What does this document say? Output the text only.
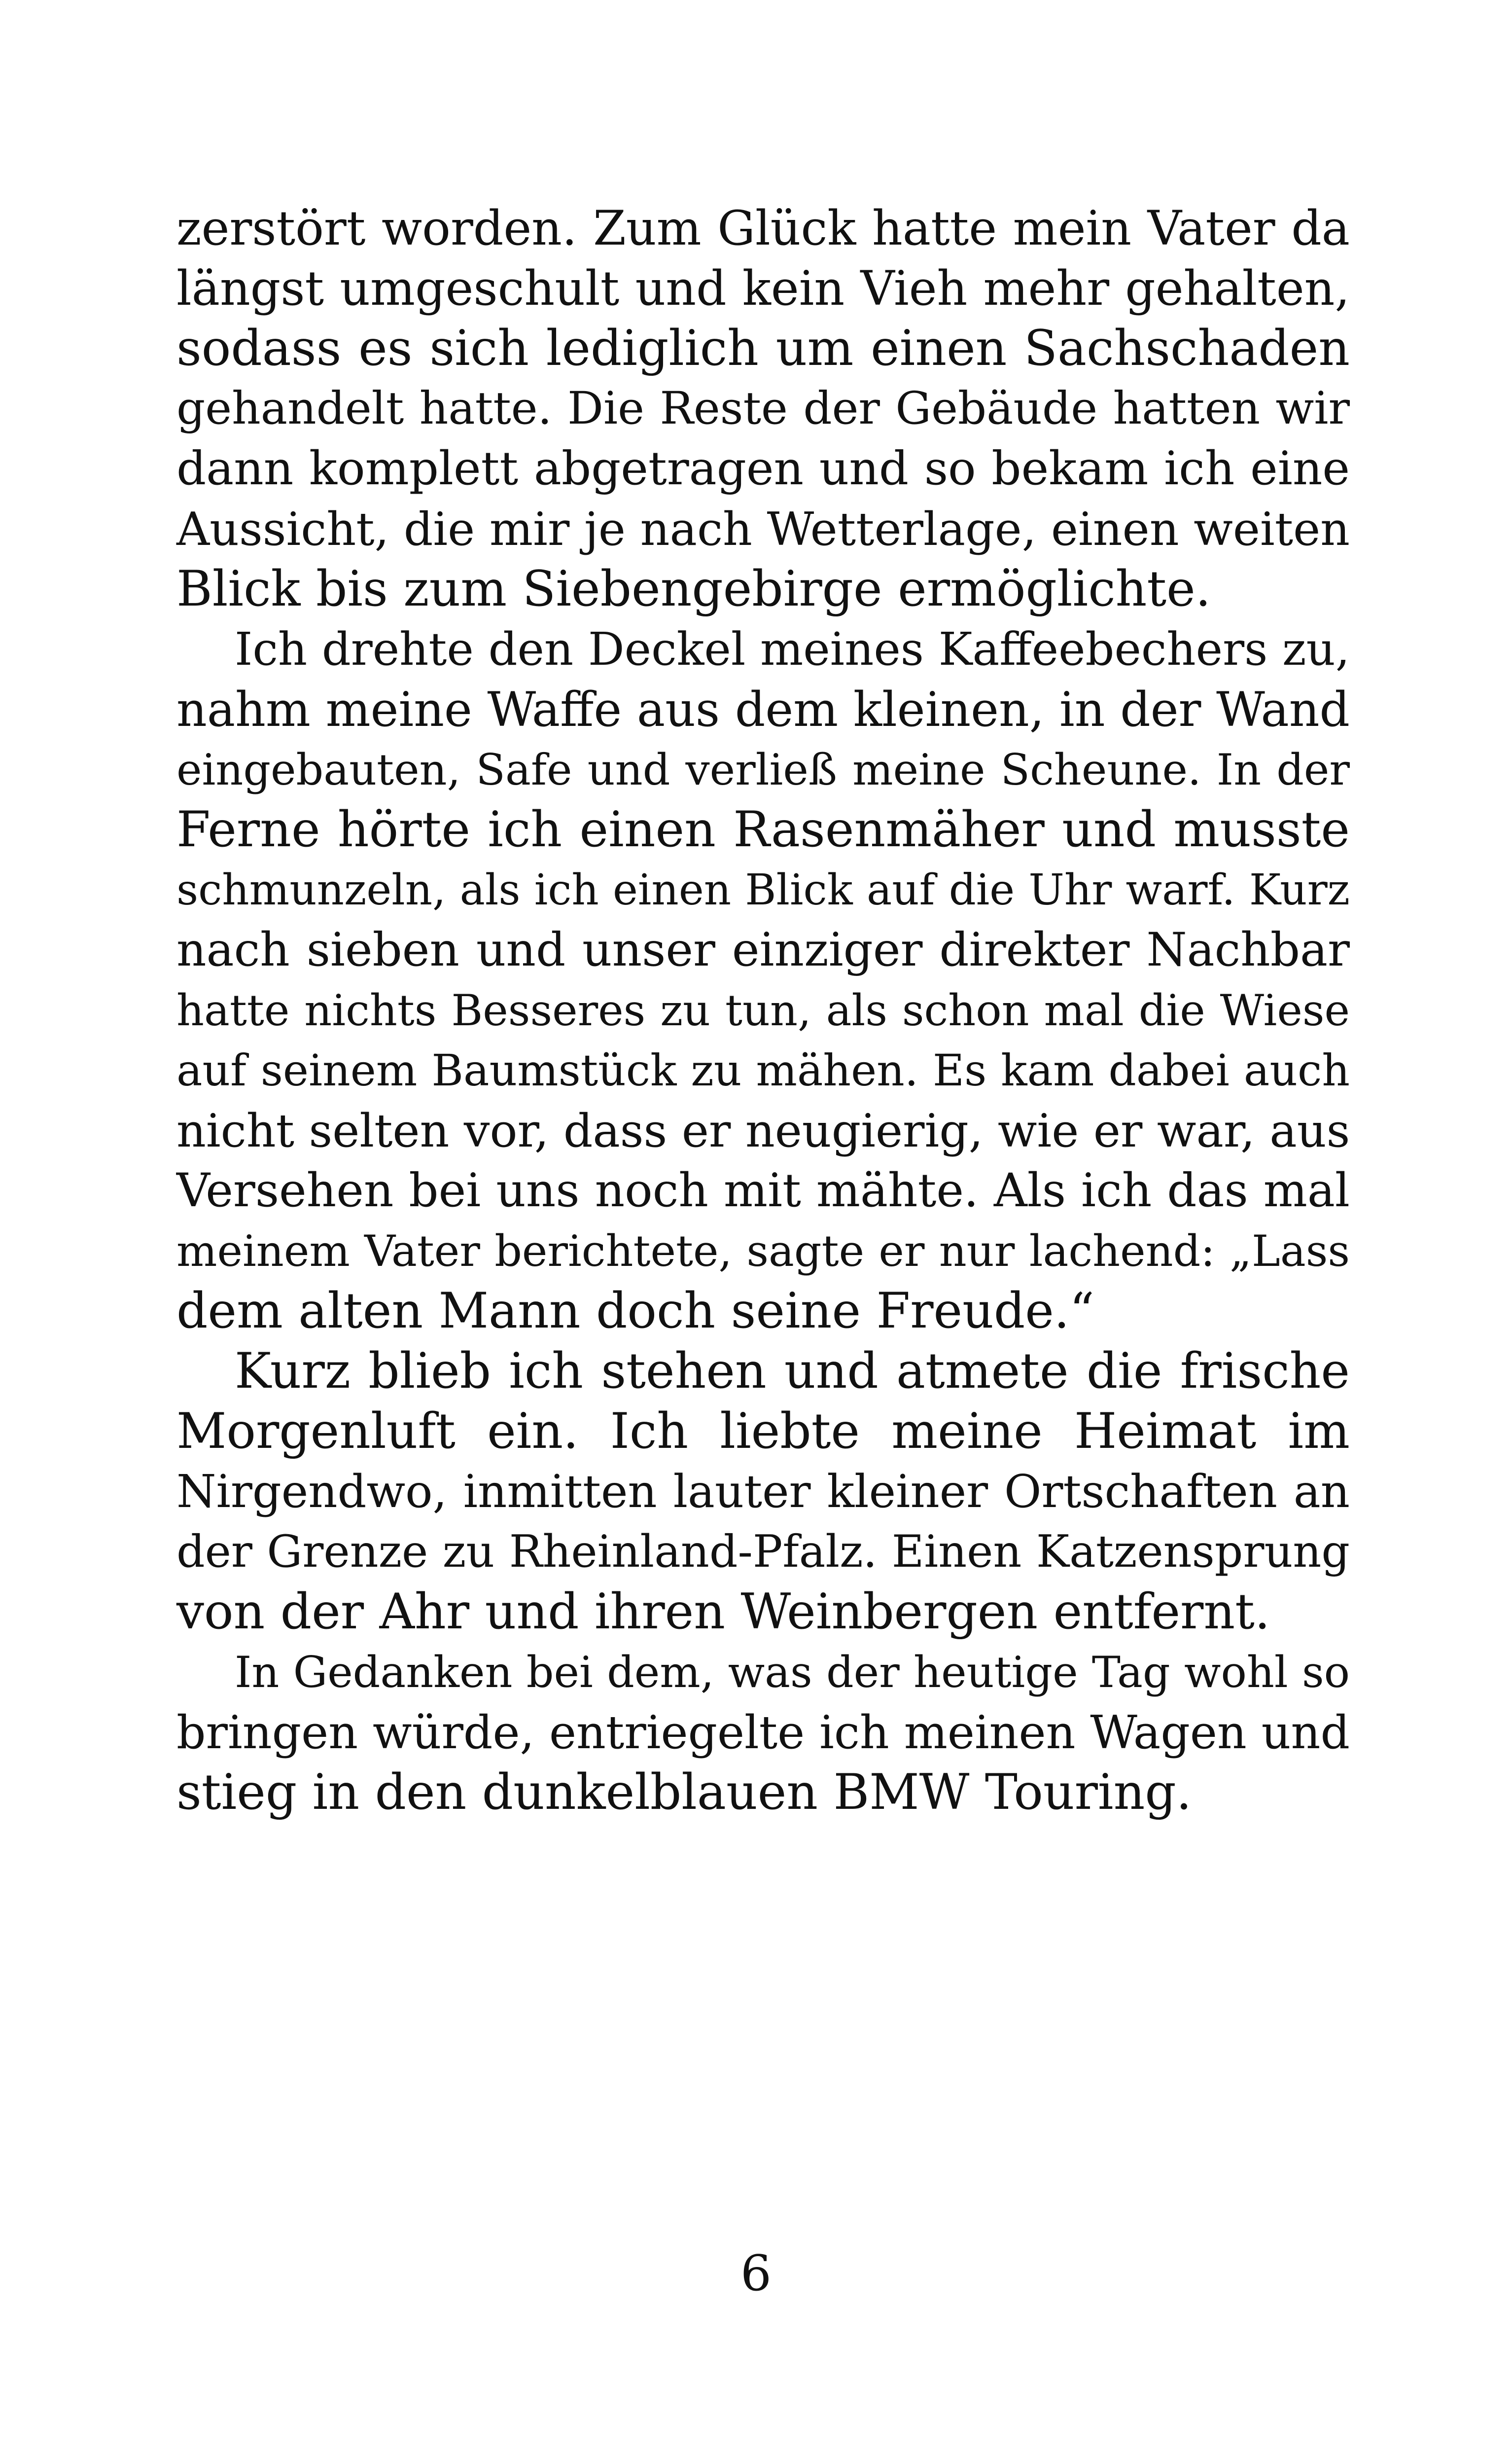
zerstört worden. Zum Glück hatte mein Vater da
längst umgeschult und kein Vieh mehr gehalten,
sodass es sich lediglich um einen Sachschaden
gehandelt hatte. Die Reste der Gebäude hatten wir
dann komplett abgetragen und so bekam ich eine
Aussicht, die mir je nach Wetterlage, einen weiten
Blick bis zum Siebengebirge ermöglichte.
Ich drehte den Deckel meines Kaffeebechers zu,
nahm meine Waffe aus dem kleinen, in der Wand
eingebauten, Safe und verließ meine Scheune. In der
Ferne hörte ich einen Rasenmäher und musste
schmunzeln, als ich einen Blick auf die Uhr warf. Kurz
nach sieben und unser einziger direkter Nachbar
hatte nichts Besseres zu tun, als schon mal die Wiese
auf seinem Baumstück zu mähen. Es kam dabei auch
nicht selten vor, dass er neugierig, wie er war, aus
Versehen bei uns noch mit mähte. Als ich das mal
meinem Vater berichtete, sagte er nur lachend: „Lass
dem alten Mann doch seine Freude.“
Kurz blieb ich stehen und atmete die frische
Morgenluft ein. Ich liebte meine Heimat im
Nirgendwo, inmitten lauter kleiner Ortschaften an
der Grenze zu Rheinland-Pfalz. Einen Katzensprung
von der Ahr und ihren Weinbergen entfernt.
In Gedanken bei dem, was der heutige Tag wohl so
bringen würde, entriegelte ich meinen Wagen und
stieg in den dunkelblauen BMW Touring.
6
